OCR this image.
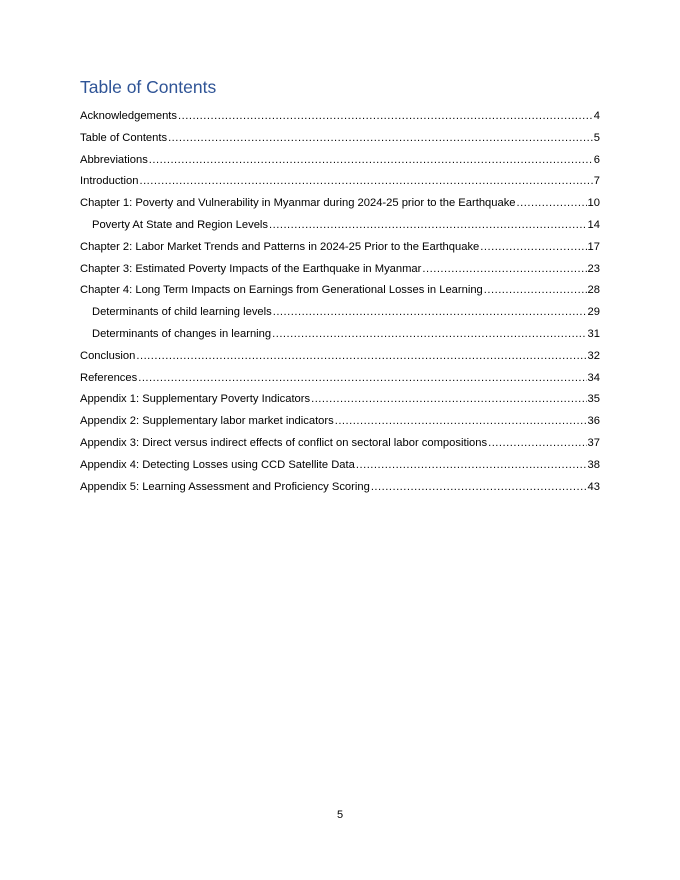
Table of Contents
Acknowledgements .....	4
Table of Contents .....	5
Abbreviations .....	6
Introduction .....	7
Chapter 1: Poverty and Vulnerability in Myanmar during 2024-25 prior to the Earthquake .....	10
Poverty At State and Region Levels .....	14
Chapter 2: Labor Market Trends and Patterns in 2024-25 Prior to the Earthquake .....	17
Chapter 3: Estimated Poverty Impacts of the Earthquake in Myanmar .....	23
Chapter 4: Long Term Impacts on Earnings from Generational Losses in Learning .....	28
Determinants of child learning levels .....	29
Determinants of changes in learning .....	31
Conclusion .....	32
References .....	34
Appendix 1: Supplementary Poverty Indicators .....	35
Appendix 2: Supplementary labor market indicators .....	36
Appendix 3: Direct versus indirect effects of conflict on sectoral labor compositions .....	37
Appendix 4: Detecting Losses using CCD Satellite Data .....	38
Appendix 5: Learning Assessment and Proficiency Scoring .....	43
5
